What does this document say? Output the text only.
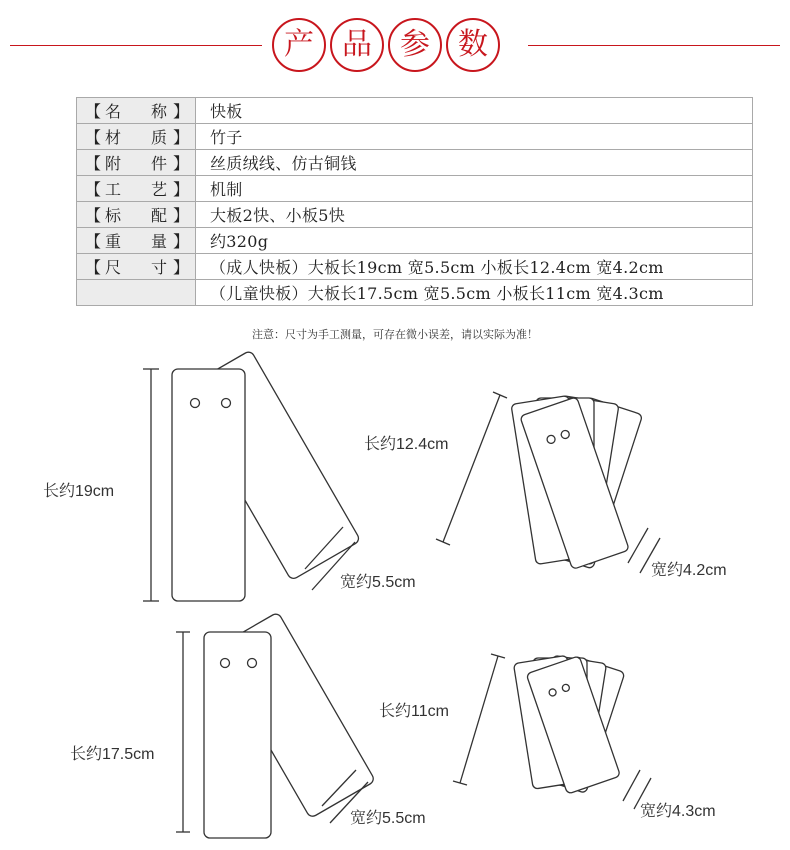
产 品 参 数
【 名 称 】	快板

【 材 质 】	竹子

【 附 件 】	丝质绒线、仿古铜钱

【 工 艺 】	机制

【 标 配 】	大板2快、小板5快

【 重 量 】	约320g

【 尺 寸 】	（成人快板）大板长19cm 宽5.5cm 小板长12.4cm 宽4.2cm
	（儿童快板）大板长17.5cm 宽5.5cm 小板长11cm 宽4.3cm
注意：尺寸为手工测量，可存在微小误差，请以实际为准！
长约19cm
宽约5.5cm
长约12.4cm
宽约4.2cm
长约17.5cm
宽约5.5cm
长约11cm
宽约4.3cm
